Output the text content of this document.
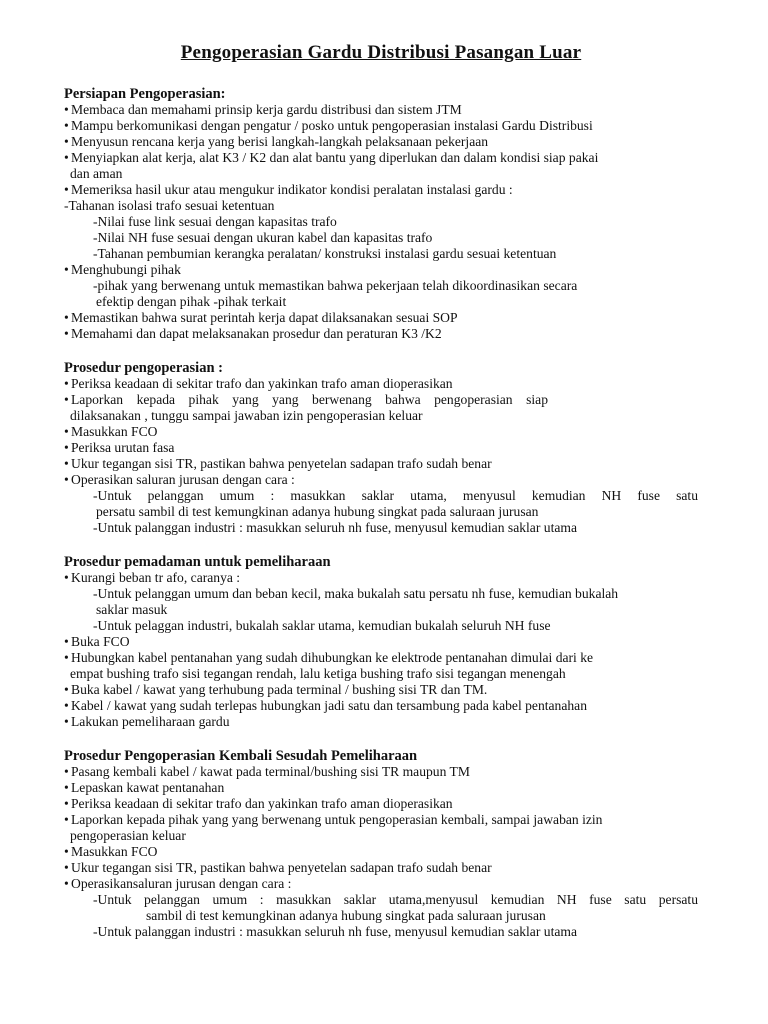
Pengoperasian Gardu Distribusi Pasangan Luar
Persiapan Pengoperasian:
• Membaca dan memahami prinsip kerja gardu distribusi dan sistem JTM
• Mampu berkomunikasi dengan pengatur / posko untuk pengoperasian instalasi Gardu Distribusi
• Menyusun rencana kerja yang berisi langkah-langkah pelaksanaan pekerjaan
• Menyiapkan alat kerja, alat K3 / K2 dan alat bantu yang diperlukan dan dalam kondisi siap pakai
dan aman
• Memeriksa hasil ukur atau mengukur indikator kondisi peralatan instalasi gardu :
-Tahanan isolasi trafo sesuai ketentuan
-Nilai fuse link sesuai dengan kapasitas trafo
-Nilai NH fuse sesuai dengan ukuran kabel dan kapasitas trafo
-Tahanan pembumian kerangka peralatan/ konstruksi instalasi gardu sesuai ketentuan
• Menghubungi pihak
-pihak yang berwenang untuk memastikan bahwa pekerjaan telah dikoordinasikan secara
efektip dengan pihak -pihak terkait
• Memastikan bahwa surat perintah kerja dapat dilaksanakan sesuai SOP
• Memahami dan dapat melaksanakan prosedur dan peraturan K3 /K2
Prosedur pengoperasian :
• Periksa keadaan di sekitar trafo dan yakinkan trafo aman dioperasikan
• Laporkan kepada pihak yang yang berwenang bahwa pengoperasian siap
dilaksanakan , tunggu sampai jawaban izin pengoperasian keluar
• Masukkan FCO
• Periksa urutan fasa
• Ukur tegangan sisi TR, pastikan bahwa penyetelan sadapan trafo sudah benar
• Operasikan saluran jurusan dengan cara :
-Untuk pelanggan umum : masukkan saklar utama, menyusul kemudian NH fuse satu
persatu sambil di test kemungkinan adanya hubung singkat pada saluraan jurusan
-Untuk palanggan industri : masukkan seluruh nh fuse, menyusul kemudian saklar utama
Prosedur pemadaman untuk pemeliharaan
• Kurangi beban tr afo, caranya :
-Untuk pelanggan umum dan beban kecil, maka bukalah satu persatu nh fuse, kemudian bukalah
saklar masuk
-Untuk pelaggan industri, bukalah saklar utama, kemudian bukalah seluruh NH fuse
• Buka FCO
• Hubungkan kabel pentanahan yang sudah dihubungkan ke elektrode pentanahan dimulai dari ke
empat bushing trafo sisi tegangan rendah, lalu ketiga bushing trafo sisi tegangan menengah
• Buka kabel / kawat yang terhubung pada terminal / bushing sisi TR dan TM.
• Kabel / kawat yang sudah terlepas hubungkan jadi satu dan tersambung pada kabel pentanahan
• Lakukan pemeliharaan gardu
Prosedur Pengoperasian Kembali Sesudah Pemeliharaan
• Pasang kembali kabel / kawat pada terminal/bushing sisi TR maupun TM
• Lepaskan kawat pentanahan
• Periksa keadaan di sekitar trafo dan yakinkan trafo aman dioperasikan
• Laporkan kepada pihak yang yang berwenang untuk pengoperasian kembali, sampai jawaban izin
pengoperasian keluar
• Masukkan FCO
• Ukur tegangan sisi TR, pastikan bahwa penyetelan sadapan trafo sudah benar
• Operasikansaluran jurusan dengan cara :
-Untuk pelanggan umum : masukkan saklar utama,menyusul kemudian NH fuse satu persatu
sambil di test kemungkinan adanya hubung singkat pada saluraan jurusan
-Untuk palanggan industri : masukkan seluruh nh fuse, menyusul kemudian saklar utama
